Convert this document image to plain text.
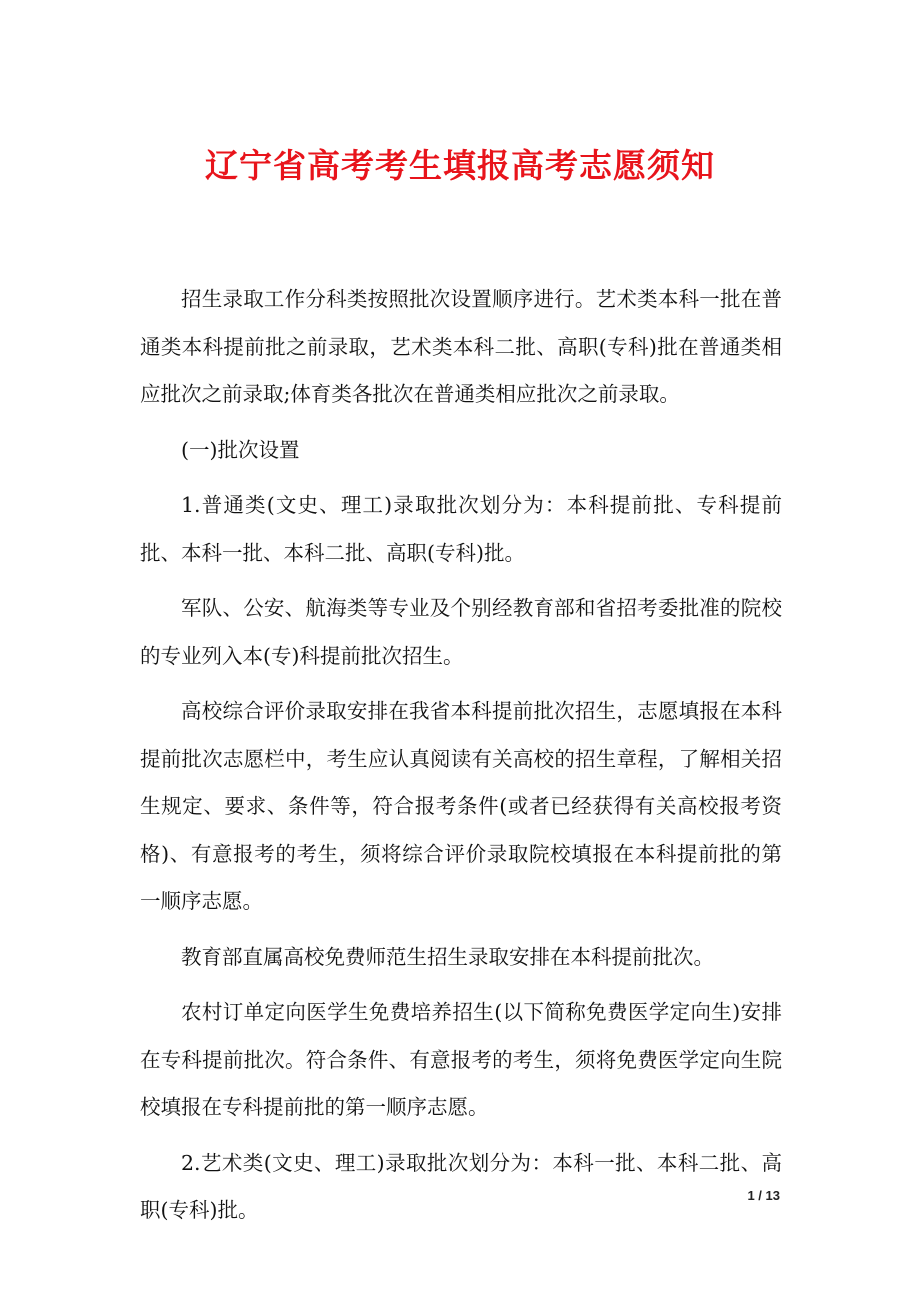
辽宁省高考考生填报高考志愿须知

招生录取工作分科类按照批次设置顺序进行。艺术类本科一批在普通类本科提前批之前录取，艺术类本科二批、高职(专科)批在普通类相应批次之前录取;体育类各批次在普通类相应批次之前录取。

(一)批次设置

1.普通类(文史、理工)录取批次划分为：本科提前批、专科提前批、本科一批、本科二批、高职(专科)批。

军队、公安、航海类等专业及个别经教育部和省招考委批准的院校的专业列入本(专)科提前批次招生。

高校综合评价录取安排在我省本科提前批次招生，志愿填报在本科提前批次志愿栏中，考生应认真阅读有关高校的招生章程，了解相关招生规定、要求、条件等，符合报考条件(或者已经获得有关高校报考资格)、有意报考的考生，须将综合评价录取院校填报在本科提前批的第一顺序志愿。

教育部直属高校免费师范生招生录取安排在本科提前批次。

农村订单定向医学生免费培养招生(以下简称免费医学定向生)安排在专科提前批次。符合条件、有意报考的考生，须将免费医学定向生院校填报在专科提前批的第一顺序志愿。

2.艺术类(文史、理工)录取批次划分为：本科一批、本科二批、高职(专科)批。

1 / 13
